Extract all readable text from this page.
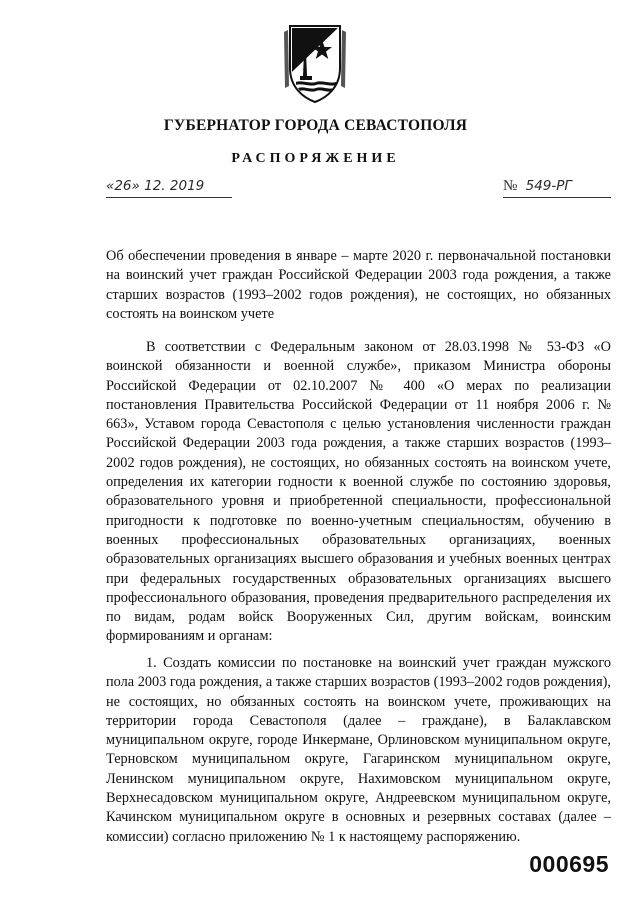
ГУБЕРНАТОР ГОРОДА СЕВАСТОПОЛЯ
РАСПОРЯЖЕНИЕ
«26» 12. 2019	№ 549-РГ
Об обеспечении проведения в январе – марте 2020 г. первоначальной постановки на воинский учет граждан Российской Федерации 2003 года рождения, а также старших возрастов (1993–2002 годов рождения), не состоящих, но обязанных состоять на воинском учете

В соответствии с Федеральным законом от 28.03.1998 № 53-ФЗ «О воинской обязанности и военной службе», приказом Министра обороны Российской Федерации от 02.10.2007 № 400 «О мерах по реализации постановления Правительства Российской Федерации от 11 ноября 2006 г. № 663», Уставом города Севастополя с целью установления численности граждан Российской Федерации 2003 года рождения, а также старших возрастов (1993–2002 годов рождения), не состоящих, но обязанных состоять на воинском учете, определения их категории годности к военной службе по состоянию здоровья, образовательного уровня и приобретенной специальности, профессиональной пригодности к подготовке по военно-учетным специальностям, обучению в военных профессиональных образовательных организациях, военных образовательных организациях высшего образования и учебных военных центрах при федеральных государственных образовательных организациях высшего профессионального образования, проведения предварительного распределения их по видам, родам войск Вооруженных Сил, другим войскам, воинским формированиям и органам:

1. Создать комиссии по постановке на воинский учет граждан мужского пола 2003 года рождения, а также старших возрастов (1993–2002 годов рождения), не состоящих, но обязанных состоять на воинском учете, проживающих на территории города Севастополя (далее – граждане), в Балаклавском муниципальном округе, городе Инкермане, Орлиновском муниципальном округе, Терновском муниципальном округе, Гагаринском муниципальном округе, Ленинском муниципальном округе, Нахимовском муниципальном округе, Верхнесадовском муниципальном округе, Андреевском муниципальном округе, Качинском муниципальном округе в основных и резервных составах (далее – комиссии) согласно приложению № 1 к настоящему распоряжению.

000695
